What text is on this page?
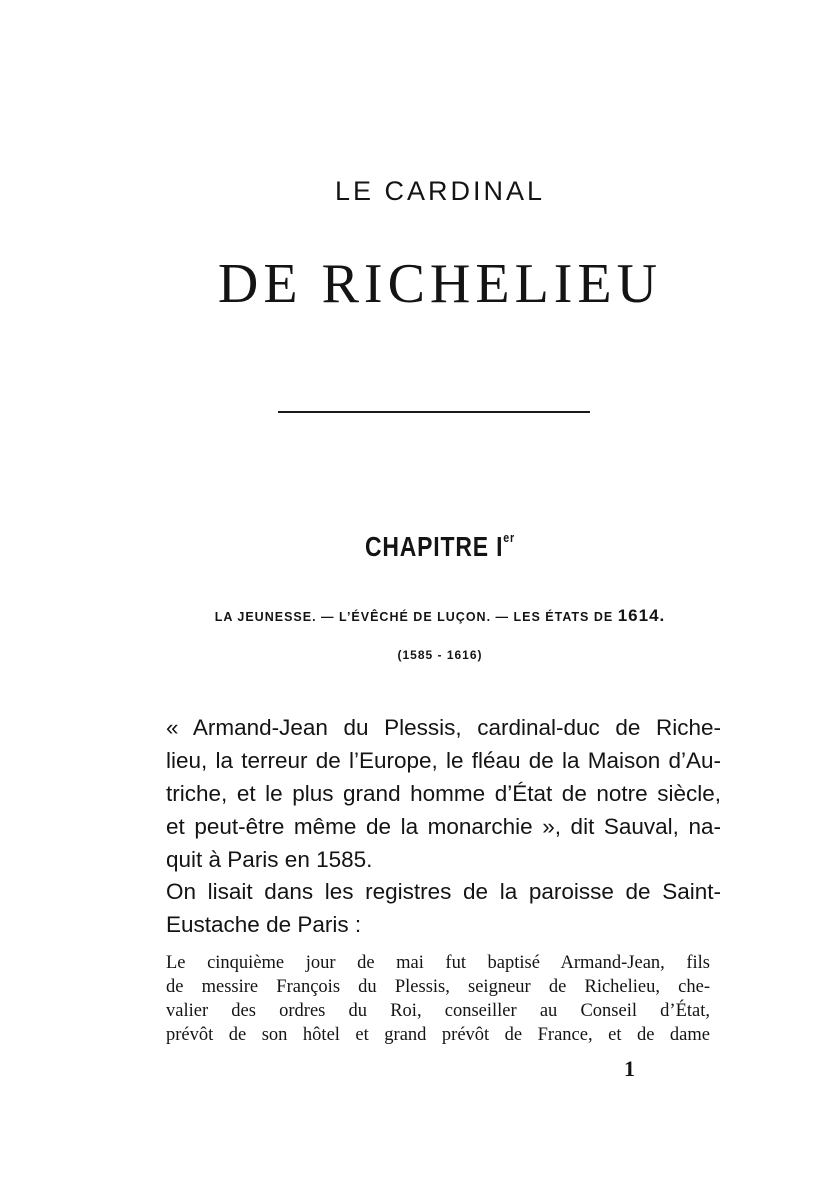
LE CARDINAL
DE RICHELIEU
CHAPITRE Ier
LA JEUNESSE. — L’ÉVÊCHÉ DE LUÇON. — LES ÉTATS DE 1614.
(1585 - 1616)
« Armand-Jean du Plessis, cardinal-duc de Riche-
lieu, la terreur de l’Europe, le fléau de la Maison d’Au-
triche, et le plus grand homme d’État de notre siècle,
et peut-être même de la monarchie », dit Sauval, na-
quit à Paris en 1585.
On lisait dans les registres de la paroisse de Saint-
Eustache de Paris :
Le cinquième jour de mai fut baptisé Armand-Jean, fils
de messire François du Plessis, seigneur de Richelieu, che-
valier des ordres du Roi, conseiller au Conseil d’État,
prévôt de son hôtel et grand prévôt de France, et de dame
1
